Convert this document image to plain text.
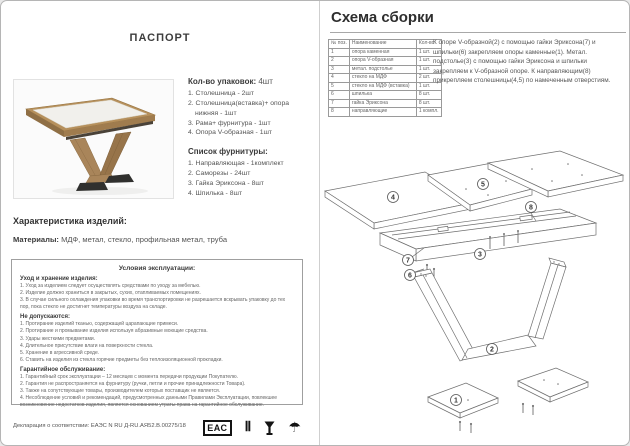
ПАСПОРТ
Кол-во упаковок: 4шт
1. Столешница - 2шт
2. Столешница(вставка)+ опора нижняя - 1шт
3. Рама+ фурнитура - 1шт
4. Опора V-образная - 1шт
Список фурнитуры:
1. Направляющая - 1комплект
2. Саморезы - 24шт
3. Гайка Эриксона - 8шт
4. Шпилька - 8шт
Характеристика изделий:
Материалы: МДФ, метал, стекло, профильная метал, труба
Условия эксплуатации:
Уход и хранение изделия:
1. Уход за изделием следует осуществлять средствами по уходу за мебелью.
2. Изделие должно храниться в закрытых, сухих, отапливаемых помещениях.
3. В случае сильного охлаждения упаковки во время транспортировки не разрешается вскрывать упаковку до тех пор, пока стекло не достигнет температуры воздуха на складе.
Не допускаются:
1. Протирание изделий тканью, содержащей царапающие примеси.
2. Протирание и промывание изделия используя абразивные моющие средства.
3. Удары жесткими предметами.
4. Длительное присутствие влаги на поверхности стекла.
5. Хранение в агрессивной среде.
6. Ставить на изделия из стекла горячие предметы без теплоизоляционной прокладки.
Гарантийное обслуживание:
1. Гарантийный срок эксплуатации – 12 месяцев с момента передачи продукции Покупателю.
2. Гарантия не распространяется на фурнитуру (ручки, петли и прочие принадлежности Товара).
3. Также на сопутствующие товары, производителем которых поставщик не является.
4. Несоблюдение условий и рекомендаций, предусмотренных данными Правилами Эксплуатации, повлекшее возникновение недостатков изделия, является основанием утраты права на гарантийное обслуживание.
Декларация о соответствии: ЕАЭС N RU Д-RU.АЯ52.В.00275/18	ЕАС Ⅱ	☂
Схема сборки
№ поз.	Наименование	Кол-во
1	опора каменная	1 шт.
2	опора V-образная	1 шт.
3	метал. подстолье	1 шт.
4	стекло на МДФ	2 шт.
5	стекло на МДФ (вставка)	1 шт.
6	шпилька	8 шт.
7	гайка Эриксона	8 шт.
8	направляющие	1 компл.
К опоре V-образной(2) с помощью гайки Эриксона(7) и шпильки(6) закрепляем опоры каменные(1). Метал. подстолье(3) с помощью гайки Эриксона и шпильки закрепляем к V-образной опоре. К направляющим(8) прикрепляем столешницы(4,5) по намеченным отверстиям.
4
5
8
7
6
3
2
1
